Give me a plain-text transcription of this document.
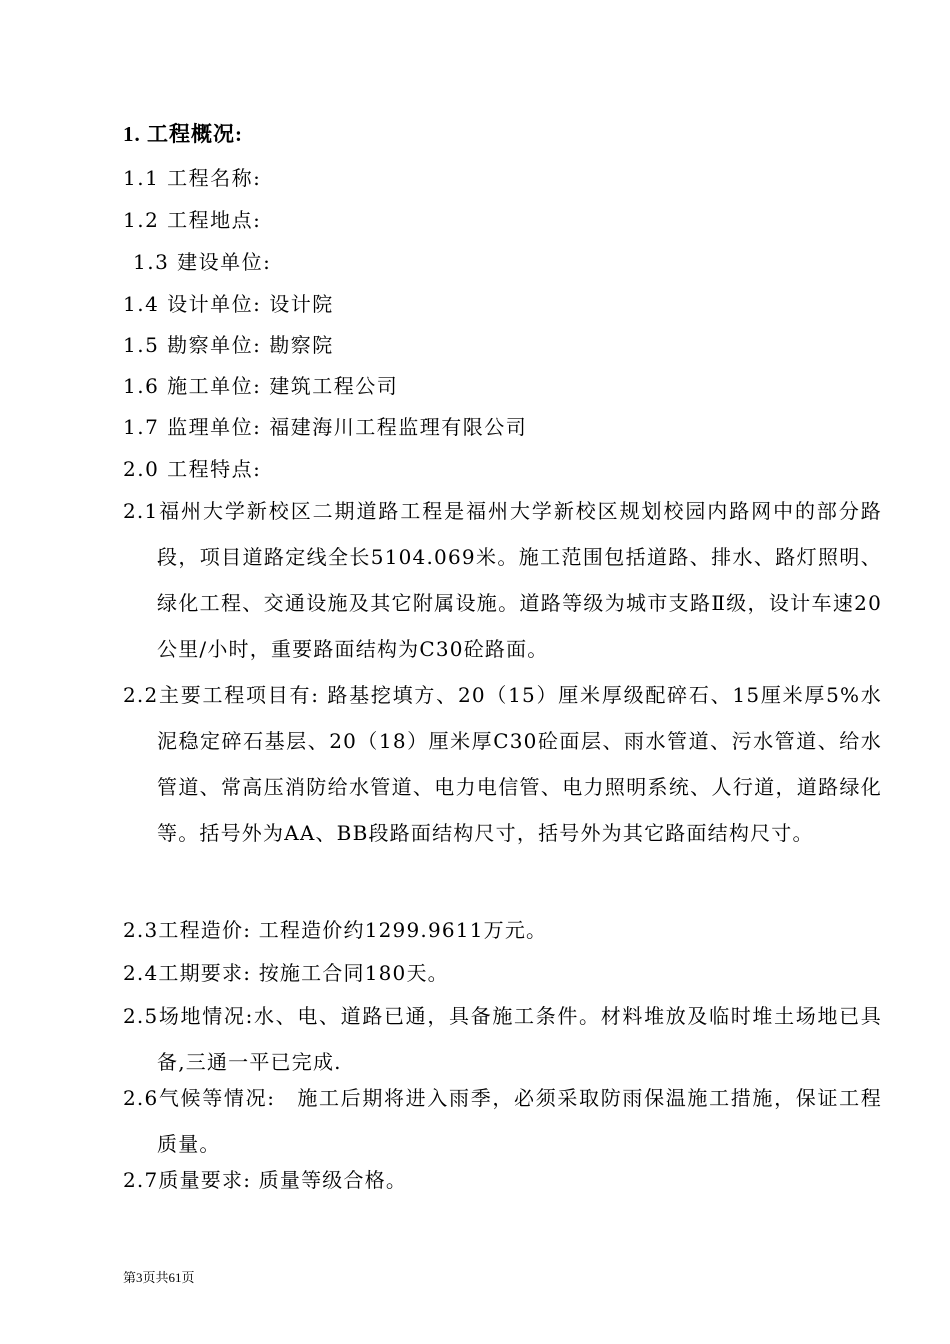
1. 工程概况:
1.1 工程名称:
1.2 工程地点:
1.3 建设单位:
1.4 设计单位: 设计院
1.5 勘察单位: 勘察院
1.6 施工单位: 建筑工程公司
1.7 监理单位: 福建海川工程监理有限公司
2.0 工程特点:
2.1福州大学新校区二期道路工程是福州大学新校区规划校园内路网中的部分路段，项目道路定线全长5104.069米。施工范围包括道路、排水、路灯照明、绿化工程、交通设施及其它附属设施。道路等级为城市支路Ⅱ级，设计车速20公里/小时，重要路面结构为C30砼路面。
2.2主要工程项目有: 路基挖填方、20（15）厘米厚级配碎石、15厘米厚5%水泥稳定碎石基层、20（18）厘米厚C30砼面层、雨水管道、污水管道、给水管道、常高压消防给水管道、电力电信管、电力照明系统、人行道，道路绿化等。括号外为AA、BB段路面结构尺寸，括号外为其它路面结构尺寸。
2.3工程造价: 工程造价约1299.9611万元。
2.4工期要求: 按施工合同180天。
2.5场地情况:水、电、道路已通，具备施工条件。材料堆放及临时堆土场地已具备,三通一平已完成.
2.6气候等情况:　施工后期将进入雨季，必须采取防雨保温施工措施，保证工程质量。
2.7质量要求: 质量等级合格。
第3页共61页
